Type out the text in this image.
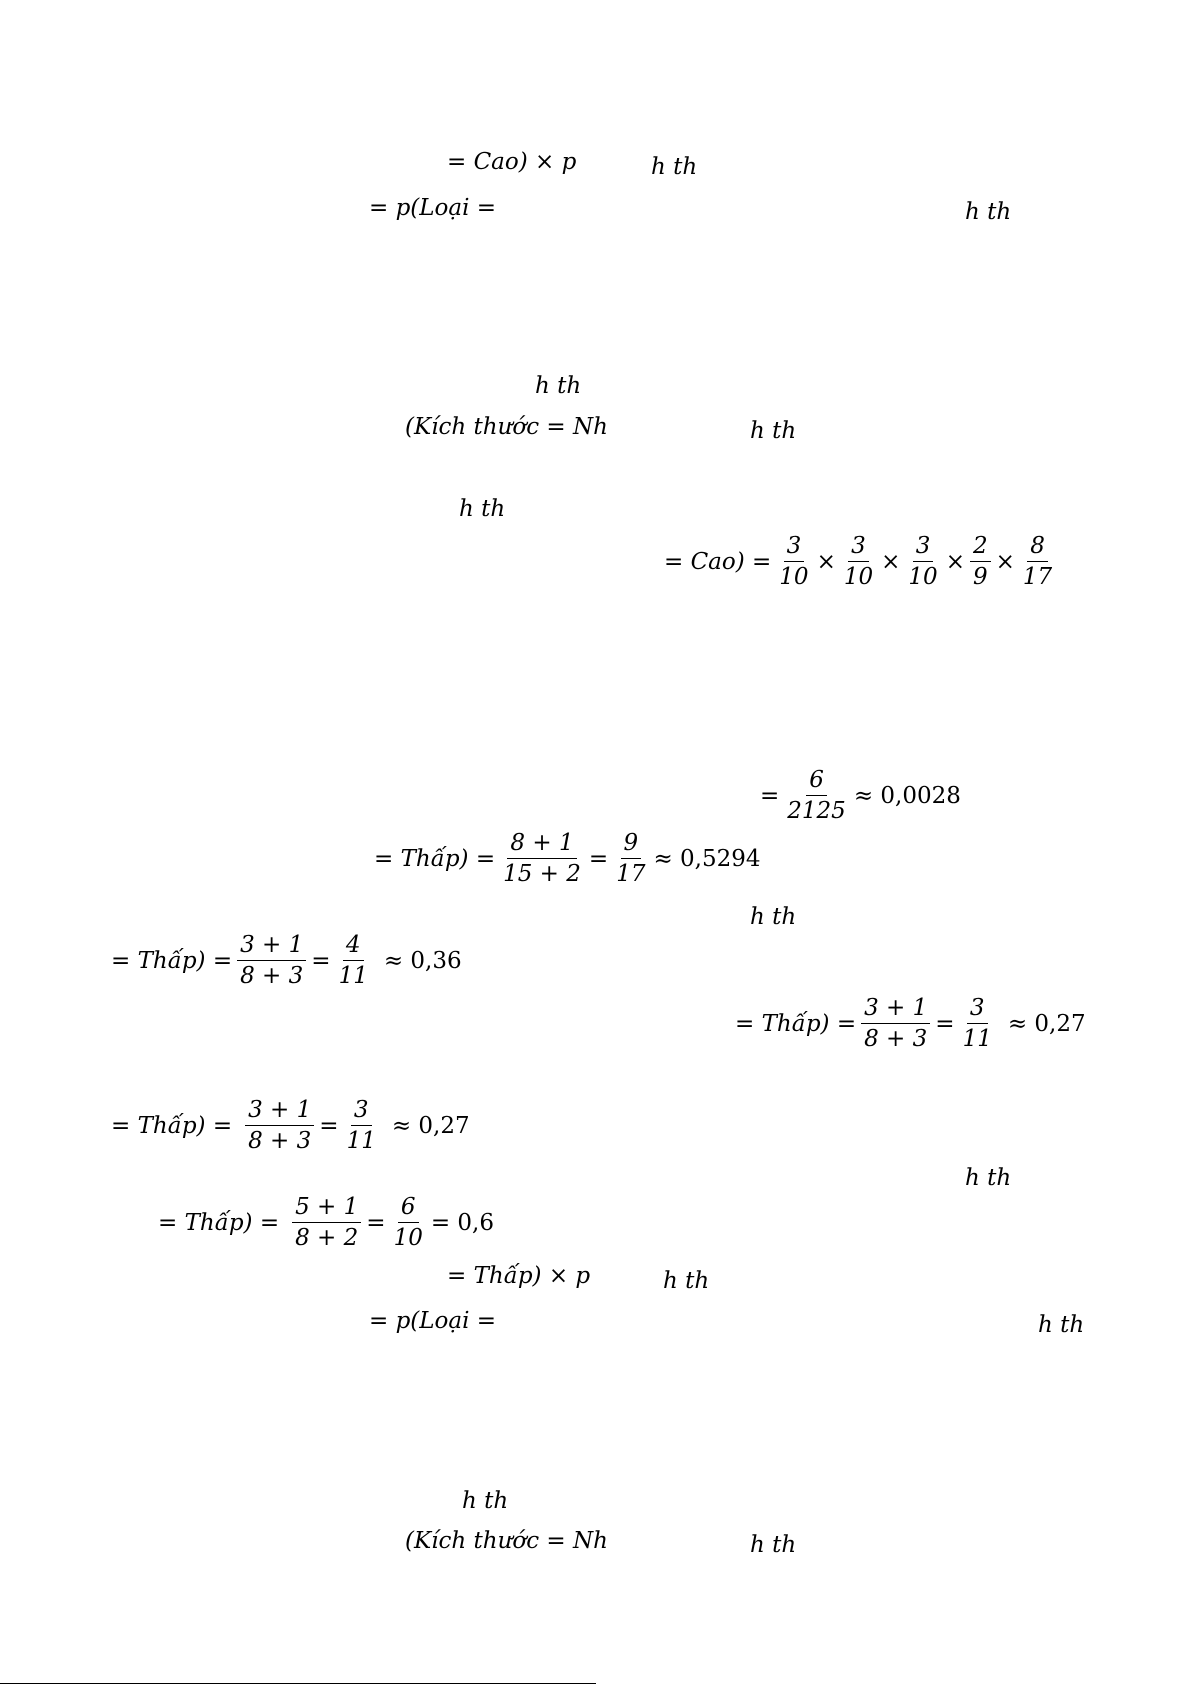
= Cao) × p	h th
= p(Loại =	h th
h th
(Kích thước = Nh	h th
h th
h th
h th
= Thấp) × p	h th
= p(Loại =	h th
h th
(Kích thước = Nh	h th
= $Cao) = \frac{3}{10} \times \frac{3}{10} \times \frac{3}{10} \times \frac{2}{9} \times \frac{8}{17}$
= $\frac{6}{2125} \approx 0,0028$
= Thấp) = $\frac{8 + 1}{15 + 2} = \frac{9}{17} \approx 0,5294$
= Thấp) = $\frac{3 + 1}{8 + 3} = \frac{4}{11} \approx 0,36$
= Thấp) = $\frac{3 + 1}{8 + 3} = \frac{3}{11} \approx 0,27$
= Thấp) = $\frac{3 + 1}{8 + 3} = \frac{3}{11} \approx 0,27$
= Thấp) = $\frac{5 + 1}{8 + 2} = \frac{6}{10} = 0,6$
